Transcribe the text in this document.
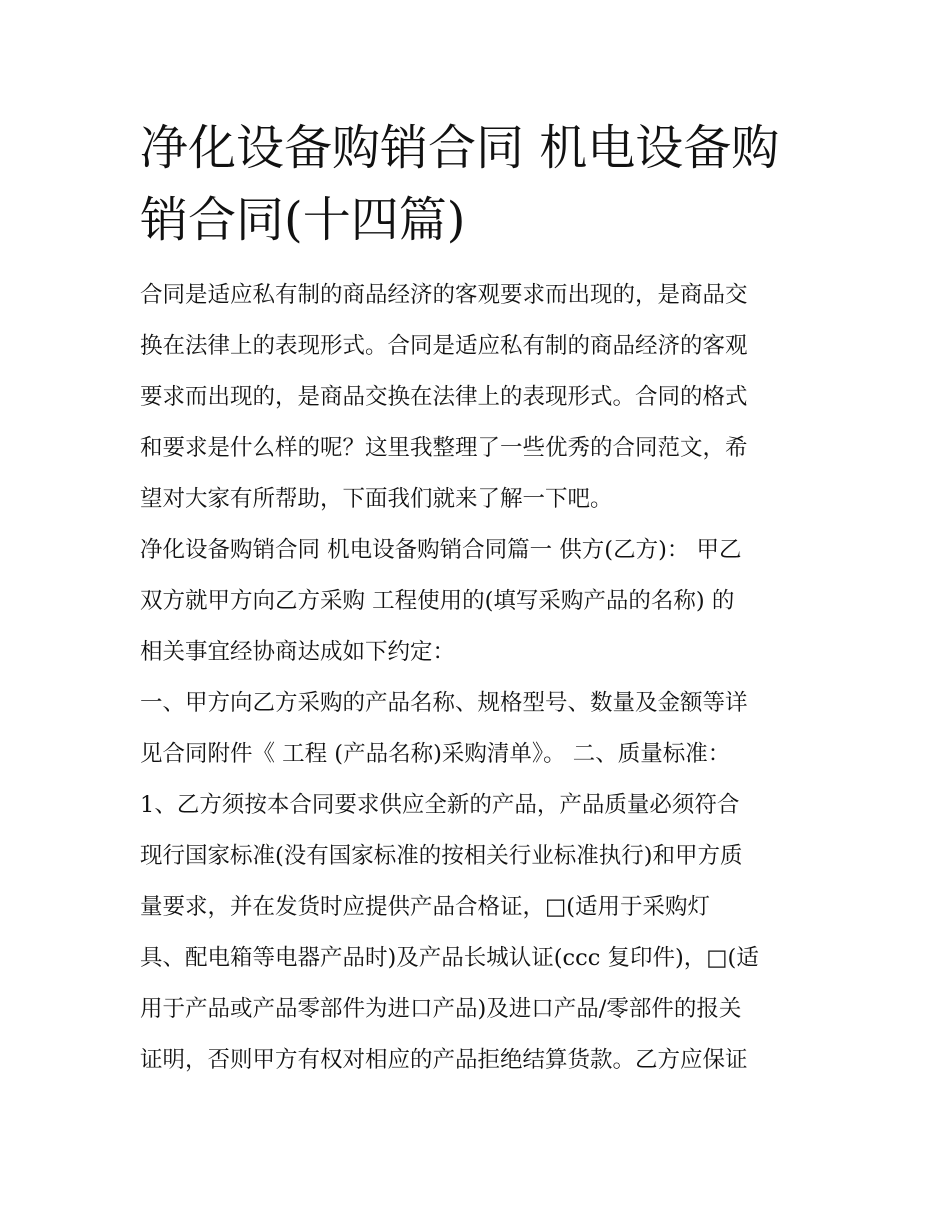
净化设备购销合同 机电设备购
销合同(十四篇)

合同是适应私有制的商品经济的客观要求而出现的，是商品交
换在法律上的表现形式。合同是适应私有制的商品经济的客观
要求而出现的，是商品交换在法律上的表现形式。合同的格式
和要求是什么样的呢？这里我整理了一些优秀的合同范文，希
望对大家有所帮助，下面我们就来了解一下吧。

净化设备购销合同 机电设备购销合同篇一 供方(乙方)： 甲乙
双方就甲方向乙方采购 工程使用的(填写采购产品的名称) 的
相关事宜经协商达成如下约定：

一、甲方向乙方采购的产品名称、规格型号、数量及金额等详
见合同附件《 工程 (产品名称)采购清单》。 二、质量标准：

1、乙方须按本合同要求供应全新的产品，产品质量必须符合
现行国家标准(没有国家标准的按相关行业标准执行)和甲方质
量要求，并在发货时应提供产品合格证，□(适用于采购灯
具、配电箱等电器产品时)及产品长城认证(ccc 复印件)，□(适
用于产品或产品零部件为进口产品)及进口产品/零部件的报关
证明，否则甲方有权对相应的产品拒绝结算货款。乙方应保证
